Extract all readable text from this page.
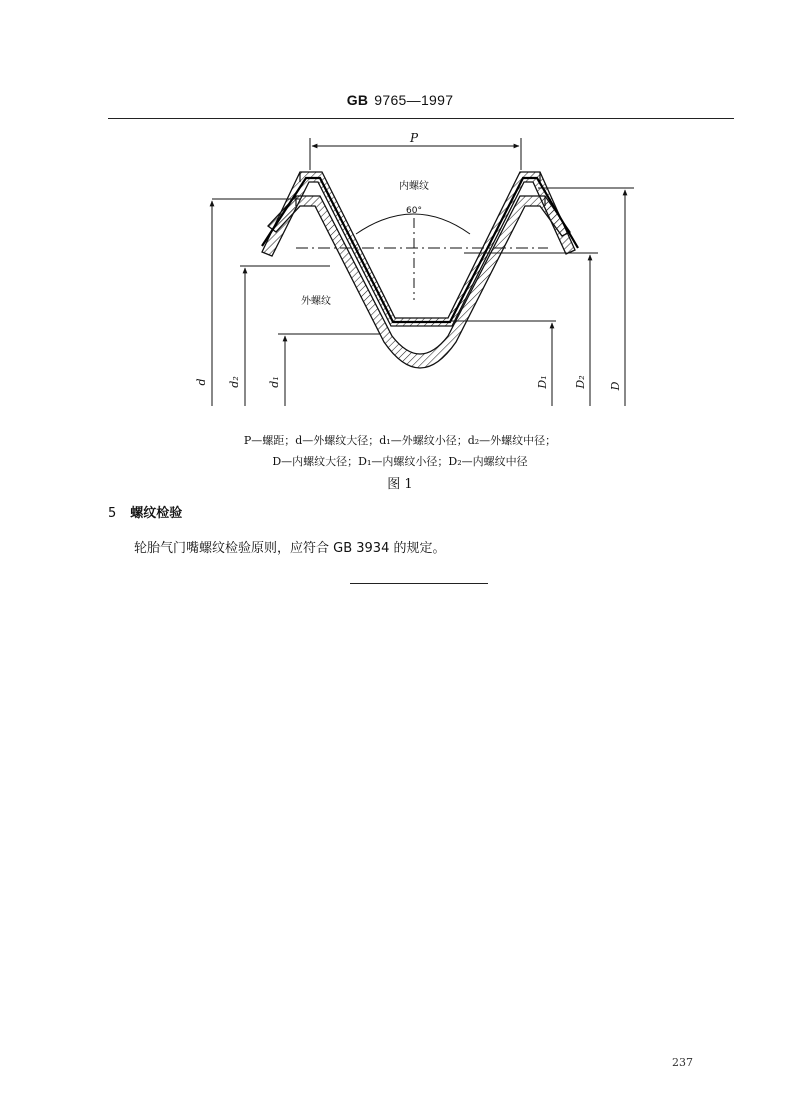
GB 9765—1997
P
内螺纹
60°
外螺纹
d d₂ d₁	D₁ D₂ D
P—螺距；d—外螺纹大径；d₁—外螺纹小径；d₂—外螺纹中径；
D—内螺纹大径；D₁—内螺纹小径；D₂—内螺纹中径
图 1
5 螺纹检验
轮胎气门嘴螺纹检验原则，应符合 GB 3934 的规定。
237
